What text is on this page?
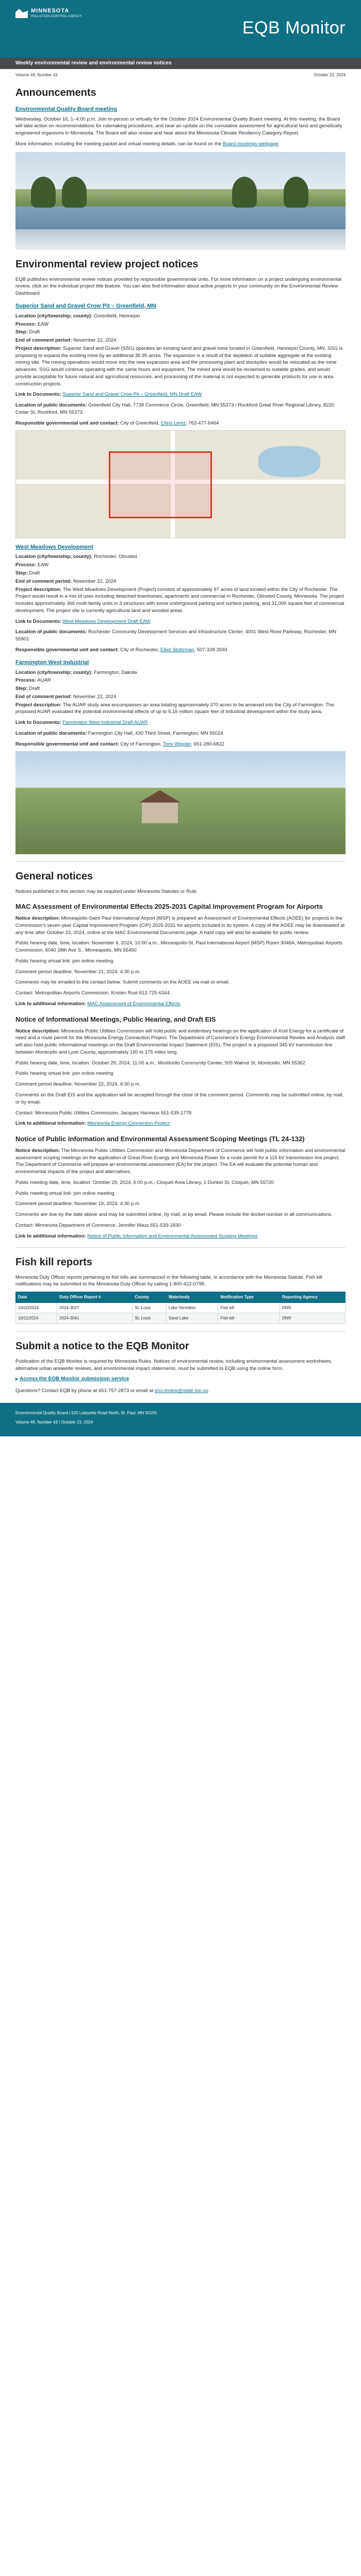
MINNESOTA
POLLUTION CONTROL AGENCY
EQB Monitor
Weekly environmental review and environmental review notices
Volume 49, Number 43	October 23, 2024
Announcements
Environmental Quality Board meeting

Wednesday, October 16, 1–4:00 p.m. Join in-person or virtually for the October 2024 Environmental Quality Board meeting. At this meeting, the Board will take action on recommendations for rulemaking procedures, and hear an update on the cumulative assessment for agricultural land and genetically engineered organisms in Minnesota. The Board will also review and hear about the Minnesota Climate Resiliency Category Report.

More information, including the meeting packet and virtual meeting details, can be found on the Board meetings webpage.

Environmental review project notices

EQB publishes environmental review notices provided by responsible governmental units. For more information on a project undergoing environmental review, click on the individual project title feature. You can also find information about active projects in your community on the Environmental Review Dashboard.

Superior Sand and Gravel Crow Pit – Greenfield, MN

Location (city/township; county): Greenfield, Hennepin

Process: EAW

Step: Draft

End of comment period: November 22, 2024

Project description: Superior Sand and Gravel (SSG) operates an existing sand and gravel mine located in Greenfield, Hennepin County, MN. SSG is proposing to expand the existing mine by an additional 35.95 acres. The expansion is a result of the depletion of suitable aggregate at the existing mining site. The mining operations would move into the new expansion area and the processing plant and stockpiles would be relocated as the mine advances. SSG would continue operating with the same hours and equipment. The mined area would be reclaimed to suitable grades, and would provide acceptable for future natural and agricultural resources, and processing of the material is not expected to generate products for use in area construction projects.

Link to Documents: Superior Sand and Gravel Crow Pit – Greenfield, MN Draft EAW

Location of public documents: Greenfield City Hall, 7738 Commerce Circle, Greenfield, MN 55373 / Rockford Great River Regional Library, 8220 Cedar St, Rockford, MN 55373

Responsible governmental unit and contact: City of Greenfield, Chris Lentz, 763-477-6464

West Meadows Development

Location (city/township; county): Rochester, Olmsted

Process: EAW

Step: Draft

End of comment period: November 22, 2024

Project description: The West Meadows Development (Project) consists of approximately 97 acres of land located within the City of Rochester. The Project would result in a mix of uses including detached townhomes, apartments and commercial in Rochester, Olmsted County, Minnesota. The project includes approximately 366 multi-family units in 3 structures with some underground parking and surface parking, and 31,000 square feet of commercial development. The project site is currently agricultural land and wooded areas.

Link to Documents: West Meadows Development Draft EAW

Location of public documents: Rochester Community Development Services and Infrastructure Center, 4001 West River Parkway, Rochester, MN 55901

Responsible governmental unit and contact: City of Rochester, Elliot Stoltzman, 507-328-2693

Farmington West Industrial

Location (city/township; county): Farmington, Dakota

Process: AUAR

Step: Draft

End of comment period: November 22, 2024

Project description: The AUAR study area encompasses an area totaling approximately 370 acres to be annexed into the City of Farmington. The proposed AUAR evaluated the potential environmental effects of up to 5.16 million square feet of industrial development within the study area.

Link to Documents: Farmington West Industrial Draft AUAR

Location of public documents: Farmington City Hall, 430 Third Street, Farmington, MN 55024

Responsible governmental unit and contact: City of Farmington, Tony Wippler, 651-280-6822

General notices

Notices published in this section may be required under Minnesota Statutes or Rule.

MAC Assessment of Environmental Effects 2025-2031 Capital Improvement Program for Airports

Notice description: Minneapolis-Saint Paul International Airport (MSP) is prepared an Assessment of Environmental Effects (AOEE) for projects in the Commission's seven-year Capital Improvement Program (CIP) 2025-2031 for airports included in its system. A copy of the AOEE may be downloaded at any time after October 23, 2024, online at the MAC Environmental Documents page. A hard copy will also be available for public review.

Public hearing date, time, location: November 6, 2024, 10:00 a.m., Minneapolis-St. Paul International Airport (MSP) Room 3048A, Metropolitan Airports Commission, 6040 28th Ave S., Minneapolis, MN 55450

Public hearing virtual link: join online meeting

Comment period deadline: November 21, 2024, 4:30 p.m.

Comments may be emailed to the contact below. Submit comments on the AOEE via mail or email.

Contact: Metropolitan Airports Commission, Kristen Rust 612-725-6344

Link to additional information: MAC Assessment of Environmental Effects

Notice of Informational Meetings, Public Hearing, and Draft EIS

Notice description: Minnesota Public Utilities Commission will hold public and evidentiary hearings on the application of Xcel Energy for a certificate of need and a route permit for the Minnesota Energy Connection Project. The Department of Commerce's Energy Environmental Review and Analysis staff will also hold public informational meetings on the Draft Environmental Impact Statement (EIS). The project is a proposed 345 kV transmission line between Monticello and Lyon County, approximately 160 to 175 miles long.

Public hearing date, time, location: October 29, 2024, 11:00 a.m., Monticello Community Center, 505 Walnut St, Monticello, MN 55362

Public hearing virtual link: join online meeting

Comment period deadline: November 22, 2024, 4:30 p.m.

Comments on the Draft EIS and the application will be accepted through the close of the comment period. Comments may be submitted online, by mail, or by email.

Contact: Minnesota Public Utilities Commission, Jacques Harvieux 651-539-1778

Link to additional information: Minnesota Energy Connection Project

Notice of Public Information and Environmental Assessment Scoping Meetings (TL 24-132)

Notice description: The Minnesota Public Utilities Commission and Minnesota Department of Commerce will hold public information and environmental assessment scoping meetings on the application of Great River Energy and Minnesota Power for a route permit for a 115 kV transmission line project. The Department of Commerce will prepare an environmental assessment (EA) for the project. The EA will evaluate the potential human and environmental impacts of the project and alternatives.

Public meeting date, time, location: October 29, 2024, 6:00 p.m., Cloquet Area Library, 1 Dunkel St, Cloquet, MN 55720

Public meeting virtual link: join online meeting

Comment period deadline: November 19, 2024, 4:30 p.m.

Comments are due by the date above and may be submitted online, by mail, or by email. Please include the docket number in all communications.

Contact: Minnesota Department of Commerce, Jennifer Mauz 651-539-1830

Link to additional information: Notice of Public Information and Environmental Assessment Scoping Meetings

Fish kill reports

Minnesota Duty Officer reports pertaining to fish kills are summarized in the following table, in accordance with the Minnesota Statute. Fish kill notifications may be submitted to the Minnesota Duty Officer by calling 1-800-422-0798.

Date	Duty Officer Report #	County	Waterbody	Notification Type	Reporting Agency
10/10/2024	2024-3027	St. Louis	Lake Vermilion	Fish kill	DNR
10/11/2024	2024-3041	St. Louis	Sand Lake	Fish kill	DNR
Submit a notice to the EQB Monitor

Publication of the EQB Monitor is required by Minnesota Rules. Notices of environmental review, including environmental assessment worksheets, alternative urban areawide reviews, and environmental impact statements, must be submitted to EQB using the online form.

Access the EQB Monitor submission service

Questions? Contact EQB by phone at 651-757-2873 or email at env.review@state.mn.us.

Environmental Quality Board | 520 Lafayette Road North, St. Paul, MN 55155

Volume 49, Number 43 | October 23, 2024
